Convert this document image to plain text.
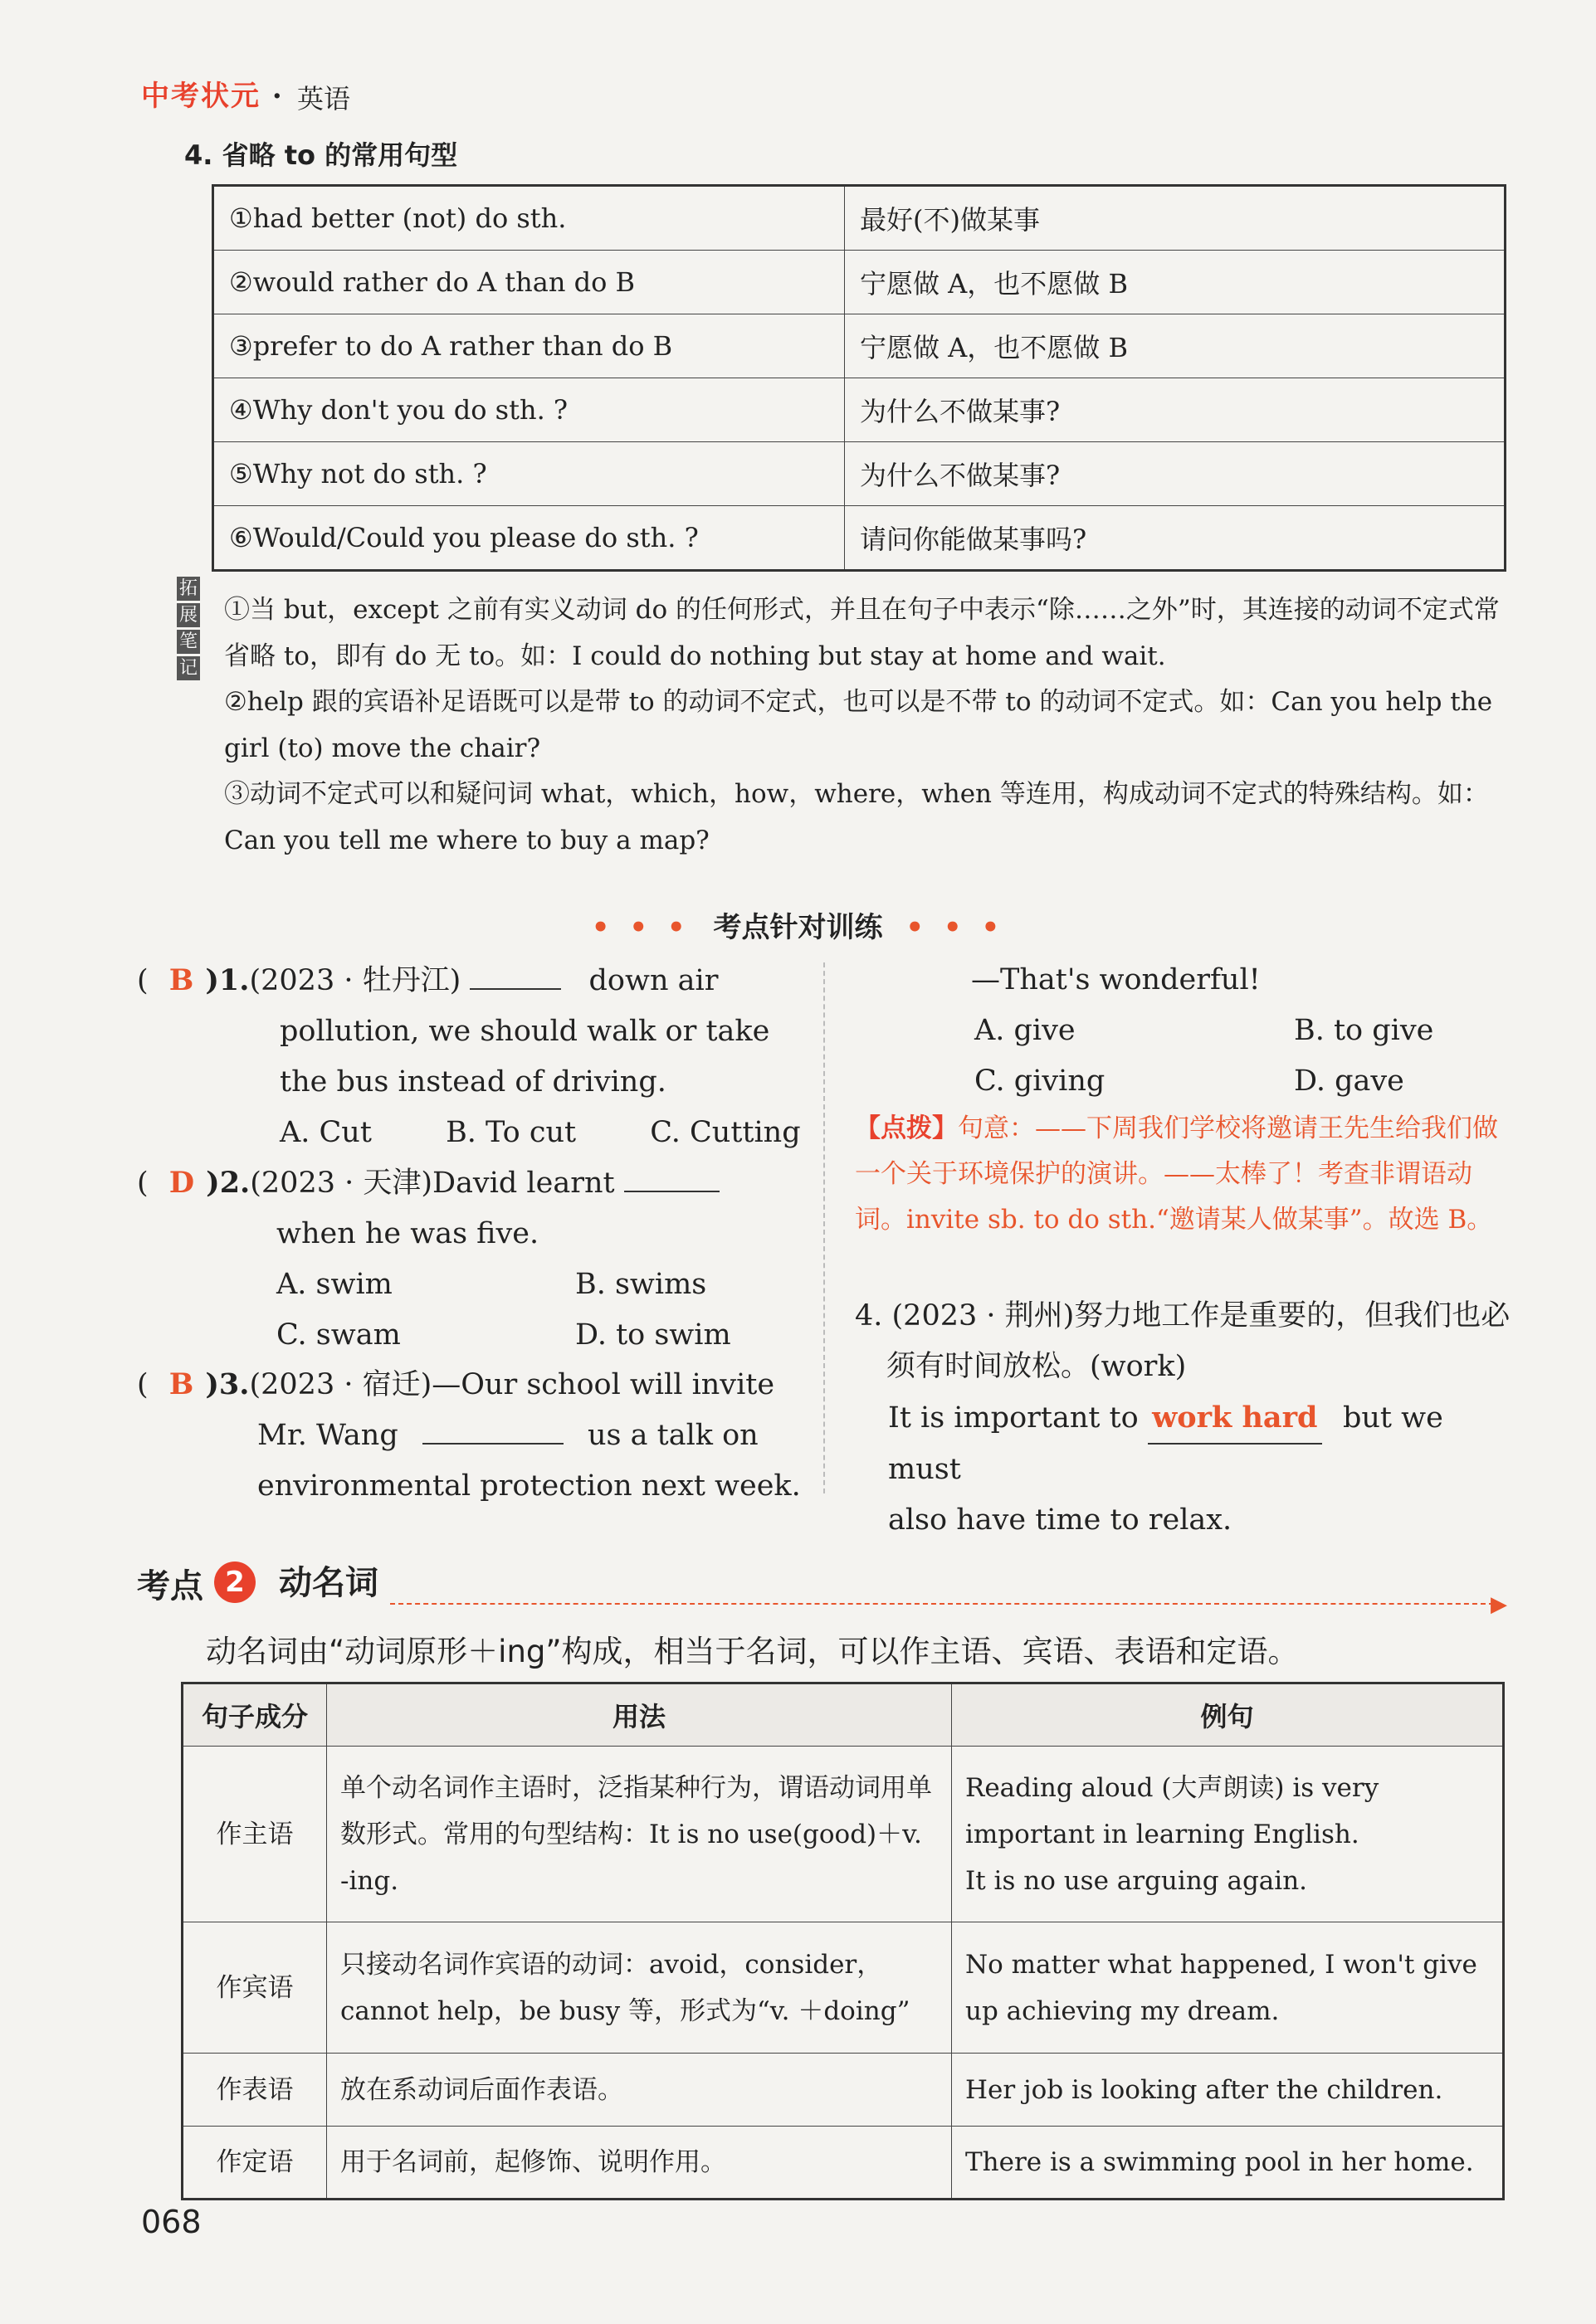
中考状元 · 英语
4. 省略 to 的常用句型
①had better (not) do sth.	最好(不)做某事
②would rather do A than do B	宁愿做 A，也不愿做 B
③prefer to do A rather than do B	宁愿做 A，也不愿做 B
④Why don't you do sth. ?	为什么不做某事?
⑤Why not do sth. ?	为什么不做某事?
⑥Would/Could you please do sth. ?	请问你能做某事吗?
拓
展
笔
记
①当 but，except 之前有实义动词 do 的任何形式，并且在句子中表示“除……之外”时，其连接的动词不定式常省略 to，即有 do 无 to。如：I could do nothing but stay at home and wait.
②help 跟的宾语补足语既可以是带 to 的动词不定式，也可以是不带 to 的动词不定式。如：Can you help the girl (to) move the chair?
③动词不定式可以和疑问词 what，which，how，where，when 等连用，构成动词不定式的特殊结构。如：Can you tell me where to buy a map?
• • • 考点针对训练 • • •
( B )1.(2023 · 牡丹江)	down air
pollution, we should walk or take
the bus instead of driving.
A. Cut	B. To cut	C. Cutting
( D )2.(2023 · 天津)David learnt
when he was five.
A. swim	B. swims
C. swam	D. to swim
( B )3.(2023 · 宿迁)—Our school will invite
Mr. Wang	us a talk on
environmental protection next week.
—That's wonderful!
A. give	B. to give
C. giving	D. gave
【点拨】句意：——下周我们学校将邀请王先生给我们做一个关于环境保护的演讲。——太棒了！考查非谓语动词。invite sb. to do sth.“邀请某人做某事”。故选 B。
4. (2023 · 荆州)努力地工作是重要的，但我们也必须有时间放松。(work)
It is important to work hard but we must
also have time to relax.
考点 2	动名词
▶
动名词由“动词原形＋ing”构成，相当于名词，可以作主语、宾语、表语和定语。
句子成分	用法	例句
作主语	单个动名词作主语时，泛指某种行为，谓语动词用单数形式。常用的句型结构：It is no use(good)＋v. -ing.	Reading aloud (大声朗读) is very important in learning English.
It is no use arguing again.
作宾语	只接动名词作宾语的动词：avoid，consider，cannot help，be busy 等，形式为“v. ＋doing”	No matter what happened, I won't give up achieving my dream.
作表语	放在系动词后面作表语。	Her job is looking after the children.
作定语	用于名词前，起修饰、说明作用。	There is a swimming pool in her home.
068
